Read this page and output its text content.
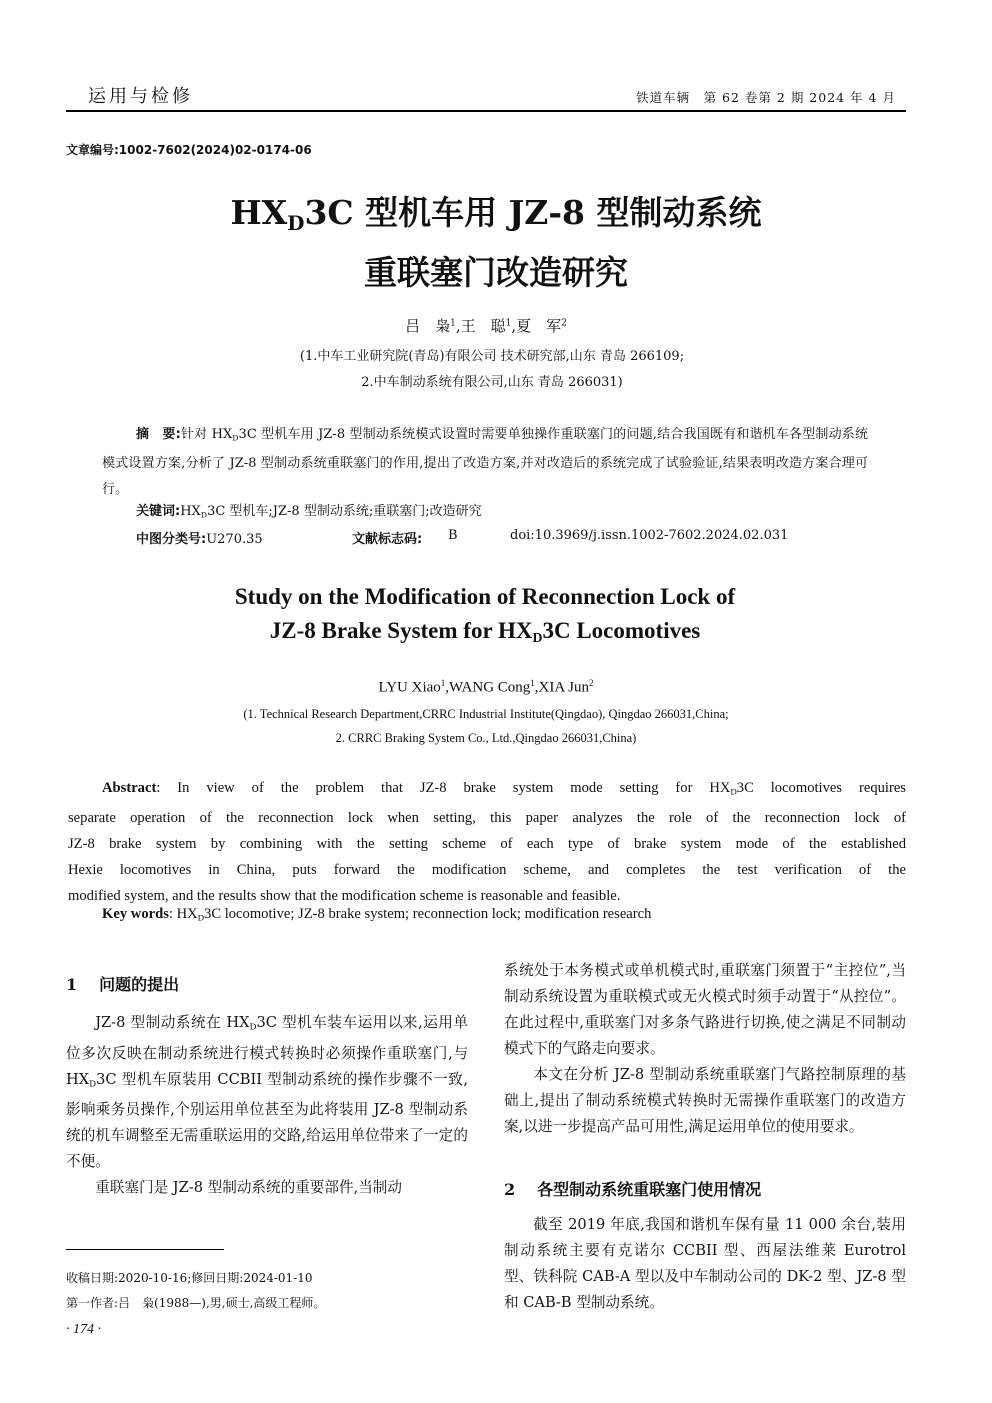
运用与检修	铁道车辆　第 62 卷第 2 期 2024 年 4 月
文章编号:1002-7602(2024)02-0174-06
$HX_D3C$ 型机车用 JZ-8 型制动系统
重联塞门改造研究
吕　枭$^1$,王　聪$^1$,夏　军$^2$
(1.中车工业研究院(青岛)有限公司 技术研究部,山东 青岛 266109;
2.中车制动系统有限公司,山东 青岛 266031)
摘　要:针对 $HX_D3C$ 型机车用 JZ-8 型制动系统模式设置时需要单独操作重联塞门的问题,结合我国既有和谐机车各型制动系统模式设置方案,分析了 JZ-8 型制动系统重联塞门的作用,提出了改造方案,并对改造后的系统完成了试验验证,结果表明改造方案合理可行。
关键词$:HX_D3C$ 型机车;JZ-8 型制动系统;重联塞门;改造研究
中图分类号:U270.35	文献标志码: B	doi:10.3969/j.issn.1002-7602.2024.02.031
Study on the Modification of Reconnection Lock of
JZ-8 Brake System for $HX_D3C$ Locomotives
LYU Xiao$^1$,WANG Cong$^1$,XIA Jun$^2$
(1. Technical Research Department,CRRC Industrial Institute(Qingdao), Qingdao 266031,China;
2. CRRC Braking System Co., Ltd.,Qingdao 266031,China)
Abstract: In view of the problem that JZ-8 brake system mode setting for $HX_D3C$ locomotives requires
separate operation of the reconnection lock when setting, this paper analyzes the role of the reconnection lock of
JZ-8 brake system by combining with the setting scheme of each type of brake system mode of the established
Hexie locomotives in China, puts forward the modification scheme, and completes the test verification of the
modified system, and the results show that the modification scheme is reasonable and feasible.
Key words: $HX_D3C$ locomotive; JZ-8 brake system; reconnection lock; modification research
1 问题的提出
JZ-8 型制动系统在 $HX_D3C$ 型机车装车运用以来,运用单位多次反映在制动系统进行模式转换时必须操作重联塞门,与 $HX_D3C$ 型机车原装用 CCBII 型制动系统的操作步骤不一致,影响乘务员操作,个别运用单位甚至为此将装用 JZ-8 型制动系统的机车调整至无需重联运用的交路,给运用单位带来了一定的不便。
重联塞门是 JZ-8 型制动系统的重要部件,当制动
收稿日期:2020-10-16;修回日期:2024-01-10
第一作者:吕　枭(1988—),男,硕士,高级工程师。
· 174 ·
系统处于本务模式或单机模式时,重联塞门须置于“主控位”,当制动系统设置为重联模式或无火模式时须手动置于“从控位”。在此过程中,重联塞门对多条气路进行切换,使之满足不同制动模式下的气路走向要求。
本文在分析 JZ-8 型制动系统重联塞门气路控制原理的基础上,提出了制动系统模式转换时无需操作重联塞门的改造方案,以进一步提高产品可用性,满足运用单位的使用要求。
2 各型制动系统重联塞门使用情况
截至 2019 年底,我国和谐机车保有量 11 000 余台,装用制动系统主要有克诺尔 CCBII 型、西屋法维莱 Eurotrol 型、铁科院 CAB-A 型以及中车制动公司的 DK-2 型、JZ-8 型和 CAB-B 型制动系统。
